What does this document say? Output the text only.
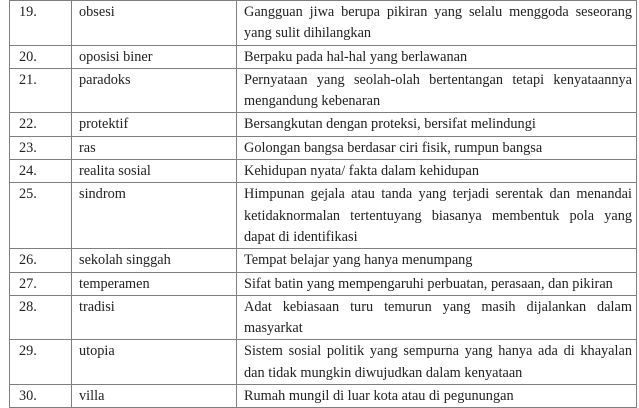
19.	obsesi	Gangguan jiwa berupa pikiran yang selalu menggoda seseorang
yang sulit dihilangkan

20.	oposisi biner	Berpaku pada hal-hal yang berlawanan

21.	paradoks	Pernyataan yang seolah-olah bertentangan tetapi kenyataannya
mengandung kebenaran

22.	protektif	Bersangkutan dengan proteksi, bersifat melindungi

23.	ras	Golongan bangsa berdasar ciri fisik, rumpun bangsa

24.	realita sosial	Kehidupan nyata/ fakta dalam kehidupan

25.	sindrom	Himpunan gejala atau tanda yang terjadi serentak dan menandai
ketidaknormalan tertentuyang biasanya membentuk pola yang
dapat di identifikasi

26.	sekolah singgah	Tempat belajar yang hanya menumpang

27.	temperamen	Sifat batin yang mempengaruhi perbuatan, perasaan, dan pikiran

28.	tradisi	Adat kebiasaan turu temurun yang masih dijalankan dalam
masyarkat

29.	utopia	Sistem sosial politik yang sempurna yang hanya ada di khayalan
dan tidak mungkin diwujudkan dalam kenyataan

30.	villa	Rumah mungil di luar kota atau di pegunungan
